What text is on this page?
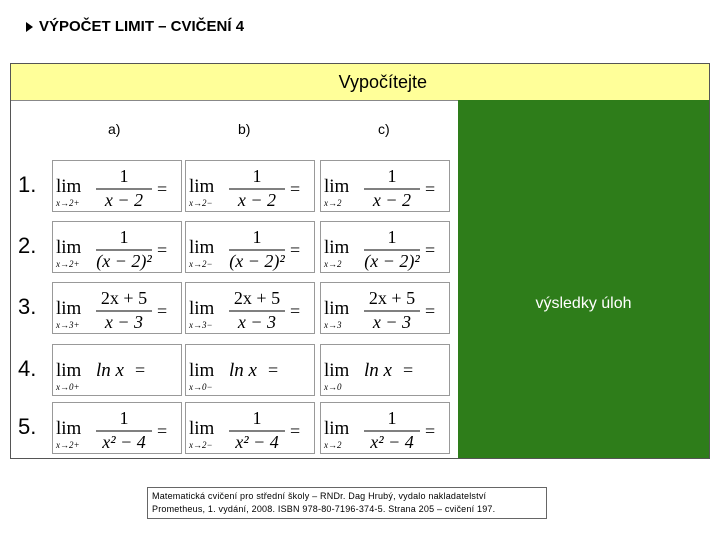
VÝPOČET LIMIT – CVIČENÍ 4
Vypočítejte
výsledky úloh
a)	b)	c)
1. lim
x→2+
1
x − 2
= lim
x→2−
1
x − 2
= lim
x→2
1
x − 2
=
2. lim
x→2+
1
(x − 2)²
= lim
x→2−
1
(x − 2)²
= lim
x→2
1
(x − 2)²
=
3. lim
x→3+
2x + 5
x − 3
= lim
x→3−
2x + 5
x − 3
= lim
x→3
2x + 5
x − 3
=
4. lim
x→0+
ln x = lim
x→0−
ln x = lim
x→0
ln x =
5. lim
x→2+
1
x² − 4
= lim
x→2−
1
x² − 4
= lim
x→2
1
x² − 4
=
Matematická cvičení pro střední školy – RNDr. Dag Hrubý, vydalo nakladatelství Prometheus, 1. vydání, 2008. ISBN 978-80-7196-374-5. Strana 205 – cvičení 197.
